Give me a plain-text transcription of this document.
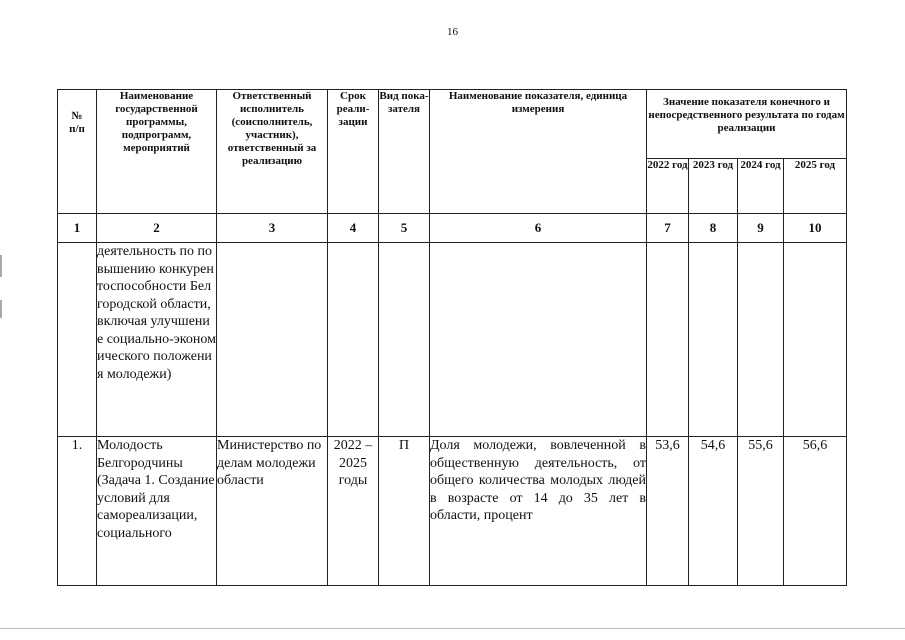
16
№
п/п	Наименование государственной программы, подпрограмм, мероприятий	Ответственный исполнитель (соисполнитель, участник), ответственный за реализацию	Срок реали-зации	Вид пока-зателя	Наименование показателя, единица измерения	Значение показателя конечного и непосредственного результата по годам реализации			
						2022 год	2023 год	2024 год	2025 год
1	2	3	4	5	6	7	8	9	10
	деятельность по повышению конкурентоспособности Белгородской области, включая улучшение социально-экономического положения молодежи)								
1.	Молодость Белгородчины (Задача 1. Создание условий для самореализации, социального	Министерство по делам молодежи области	2022 – 2025 годы	П	Доля молодежи, вовлеченной в общественную деятельность, от общего количества молодых людей в возрасте от 14 до 35 лет в области, процент	53,6	54,6	55,6	56,6
